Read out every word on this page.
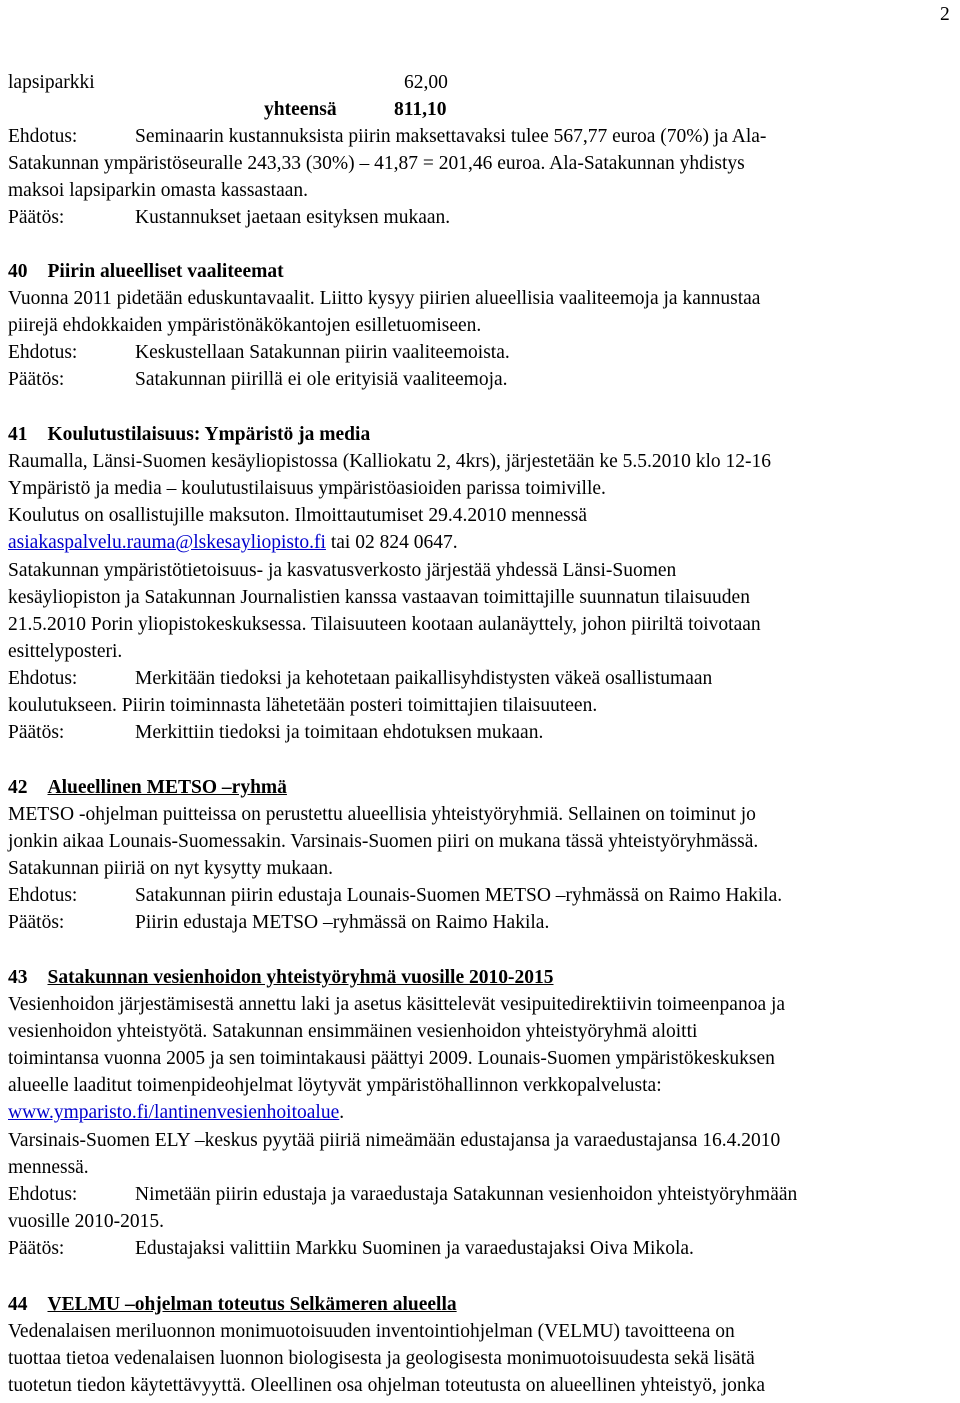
2
lapsiparkki	62,00
yhteensä	811,10
Ehdotus:	Seminaarin kustannuksista piirin maksettavaksi tulee 567,77 euroa (70%) ja Ala-
Satakunnan ympäristöseuralle 243,33 (30%) – 41,87 = 201,46 euroa. Ala-Satakunnan yhdistys
maksoi lapsiparkin omasta kassastaan.
Päätös:	Kustannukset jaetaan esityksen mukaan.
40 Piirin alueelliset vaaliteemat
Vuonna 2011 pidetään eduskuntavaalit. Liitto kysyy piirien alueellisia vaaliteemoja ja kannustaa
piirejä ehdokkaiden ympäristönäkökantojen esilletuomiseen.
Ehdotus:	Keskustellaan Satakunnan piirin vaaliteemoista.
Päätös:	Satakunnan piirillä ei ole erityisiä vaaliteemoja.
41 Koulutustilaisuus: Ympäristö ja media
Raumalla, Länsi-Suomen kesäyliopistossa (Kalliokatu 2, 4krs), järjestetään ke 5.5.2010 klo 12-16
Ympäristö ja media – koulutustilaisuus ympäristöasioiden parissa toimiville.
Koulutus on osallistujille maksuton. Ilmoittautumiset 29.4.2010 mennessä
asiakaspalvelu.rauma@lskesayliopisto.fi tai 02 824 0647.
Satakunnan ympäristötietoisuus- ja kasvatusverkosto järjestää yhdessä Länsi-Suomen
kesäyliopiston ja Satakunnan Journalistien kanssa vastaavan toimittajille suunnatun tilaisuuden
21.5.2010 Porin yliopistokeskuksessa. Tilaisuuteen kootaan aulanäyttely, johon piiriltä toivotaan
esittelyposteri.
Ehdotus:	Merkitään tiedoksi ja kehotetaan paikallisyhdistysten väkeä osallistumaan
koulutukseen. Piirin toiminnasta lähetetään posteri toimittajien tilaisuuteen.
Päätös:	Merkittiin tiedoksi ja toimitaan ehdotuksen mukaan.
42 Alueellinen METSO –ryhmä
METSO -ohjelman puitteissa on perustettu alueellisia yhteistyöryhmiä. Sellainen on toiminut jo
jonkin aikaa Lounais-Suomessakin. Varsinais-Suomen piiri on mukana tässä yhteistyöryhmässä.
Satakunnan piiriä on nyt kysytty mukaan.
Ehdotus:	Satakunnan piirin edustaja Lounais-Suomen METSO –ryhmässä on Raimo Hakila.
Päätös:	Piirin edustaja METSO –ryhmässä on Raimo Hakila.
43 Satakunnan vesienhoidon yhteistyöryhmä vuosille 2010-2015
Vesienhoidon järjestämisestä annettu laki ja asetus käsittelevät vesipuitedirektiivin toimeenpanoa ja
vesienhoidon yhteistyötä. Satakunnan ensimmäinen vesienhoidon yhteistyöryhmä aloitti
toimintansa vuonna 2005 ja sen toimintakausi päättyi 2009. Lounais-Suomen ympäristökeskuksen
alueelle laaditut toimenpideohjelmat löytyvät ympäristöhallinnon verkkopalvelusta:
www.ymparisto.fi/lantinenvesienhoitoalue.
Varsinais-Suomen ELY –keskus pyytää piiriä nimeämään edustajansa ja varaedustajansa 16.4.2010
mennessä.
Ehdotus:	Nimetään piirin edustaja ja varaedustaja Satakunnan vesienhoidon yhteistyöryhmään
vuosille 2010-2015.
Päätös:	Edustajaksi valittiin Markku Suominen ja varaedustajaksi Oiva Mikola.
44 VELMU –ohjelman toteutus Selkämeren alueella
Vedenalaisen meriluonnon monimuotoisuuden inventointiohjelman (VELMU) tavoitteena on
tuottaa tietoa vedenalaisen luonnon biologisesta ja geologisesta monimuotoisuudesta sekä lisätä
tuotetun tiedon käytettävyyttä. Oleellinen osa ohjelman toteutusta on alueellinen yhteistyö, jonka
